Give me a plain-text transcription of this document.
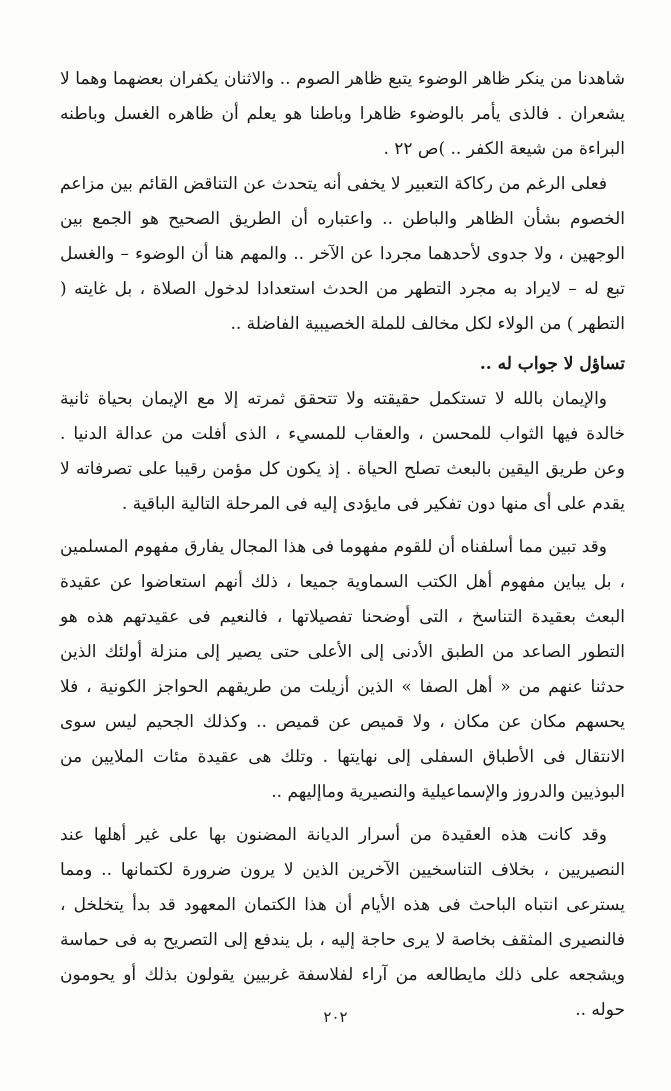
شاهدنا من ينكر ظاهر الوضوء يتبع ظاهر الصوم .. والاثنان يكفران بعضهما وهما لا يشعران . فالذى يأمر بالوضوء ظاهرا وباطنا هو يعلم أن ظاهره الغسل وباطنه البراءة من شيعة الكفر .. )ص ٢٢ .

فعلى الرغم من ركاكة التعبير لا يخفى أنه يتحدث عن التناقض القائم بين مزاعم الخصوم بشأن الظاهر والباطن .. واعتباره أن الطريق الصحيح هو الجمع بين الوجهين ، ولا جدوى لأحدهما مجردا عن الآخر .. والمهم هنا أن الوضوء – والغسل تبع له – لايراد به مجرد التطهر من الحدث استعدادا لدخول الصلاة ، بل غايته ( التطهر ) من الولاء لكل مخالف للملة الخصيبية الفاضلة ..

تساؤل لا جواب له ..

والإيمان بالله لا تستكمل حقيقته ولا تتحقق ثمرته إلا مع الإيمان بحياة ثانية خالدة فيها الثواب للمحسن ، والعقاب للمسيء ، الذى أفلت من عدالة الدنيا . وعن طريق اليقين بالبعث تصلح الحياة . إذ يكون كل مؤمن رقيبا على تصرفاته لا يقدم على أى منها دون تفكير فى مايؤدى إليه فى المرحلة التالية الباقية .

وقد تبين مما أسلفناه أن للقوم مفهوما فى هذا المجال يفارق مفهوم المسلمين ، بل يباين مفهوم أهل الكتب السماوية جميعا ، ذلك أنهم استعاضوا عن عقيدة البعث بعقيدة التناسخ ، التى أوضحنا تفصيلاتها ، فالنعيم فى عقيدتهم هذه هو التطور الصاعد من الطبق الأدنى إلى الأعلى حتى يصير إلى منزلة أولئك الذين حدثنا عنهم من « أهل الصفا » الذين أزيلت من طريقهم الحواجز الكونية ، فلا يحسهم مكان عن مكان ، ولا قميص عن قميص .. وكذلك الجحيم ليس سوى الانتقال فى الأطباق السفلى إلى نهايتها . وتلك هى عقيدة مئات الملايين من البوذيين والدروز والإسماعيلية والنصيرية وماإليهم ..

وقد كانت هذه العقيدة من أسرار الديانة المضنون بها على غير أهلها عند النصيريين ، بخلاف التناسخيين الآخرين الذين لا يرون ضرورة لكتمانها .. ومما يسترعى انتباه الباحث فى هذه الأيام أن هذا الكتمان المعهود قد بدأ يتخلخل ، فالنصيرى المثقف بخاصة لا يرى حاجة إليه ، بل يندفع إلى التصريح به فى حماسة ويشجعه على ذلك مايطالعه من آراء لفلاسفة غربيين يقولون بذلك أو يحومون حوله ..

٢٠٢
